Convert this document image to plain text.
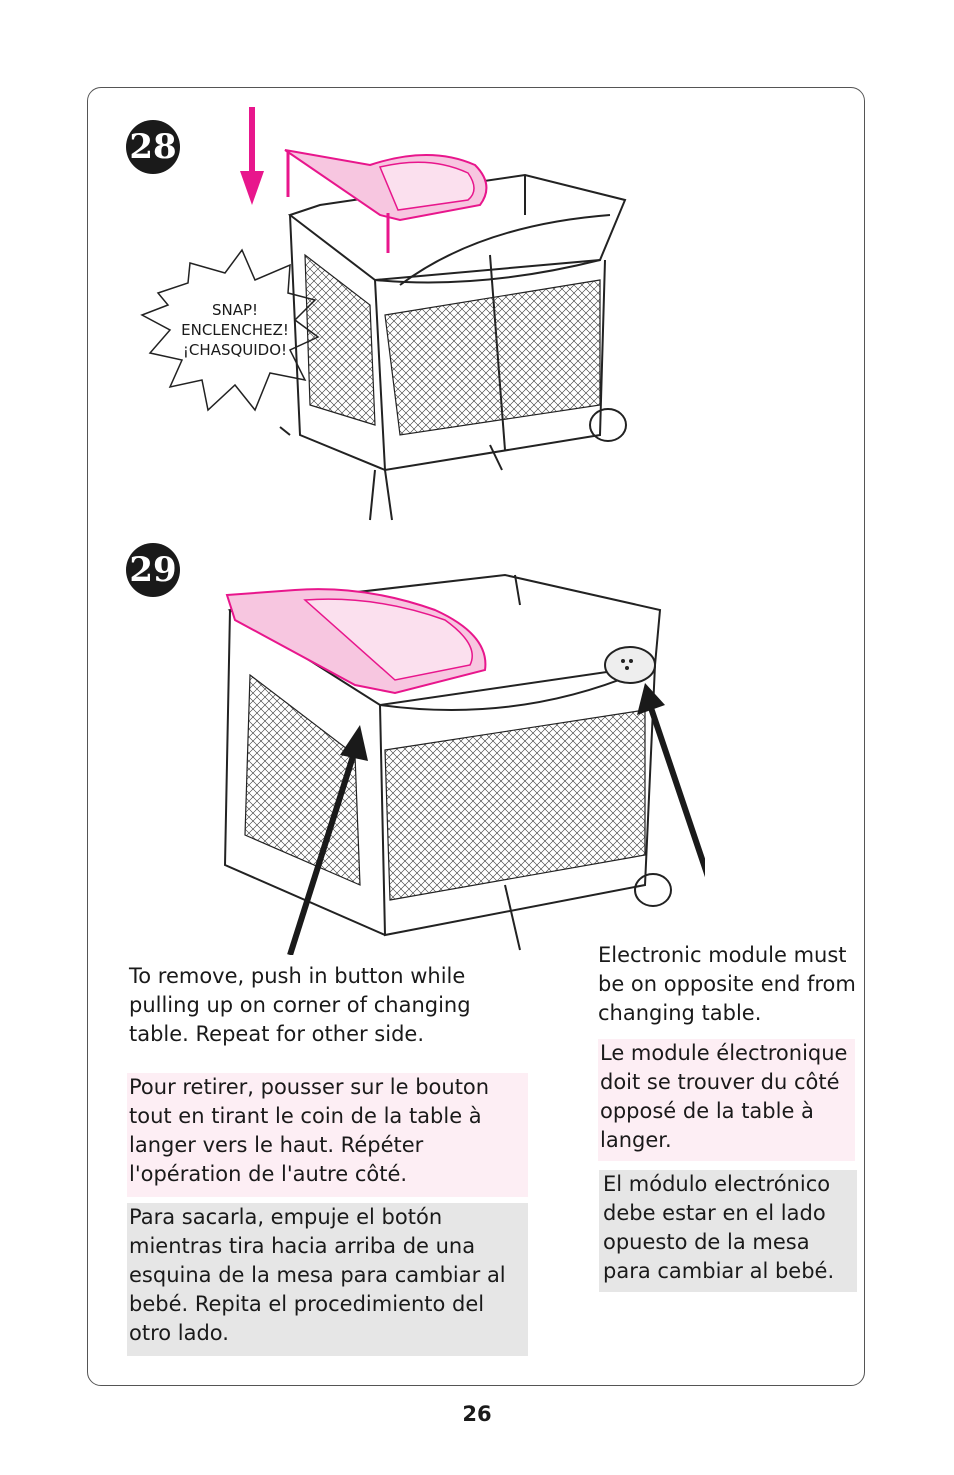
28
SNAP!
ENCLENCHEZ!
¡CHASQUIDO!
29

To remove, push in button while pulling up on corner of changing table. Repeat for other side.

Pour retirer, pousser sur le bouton tout en tirant le coin de la table à langer vers le haut. Répéter l'opération de l'autre côté.

Para sacarla, empuje el botón mientras tira hacia arriba de una esquina de la mesa para cambiar al bebé. Repita el procedimiento del otro lado.

Electronic module must be on opposite end from changing table.

Le module électronique doit se trouver du côté opposé de la table à langer.

El módulo electrónico debe estar en el lado opuesto de la mesa para cambiar al bebé.

26
